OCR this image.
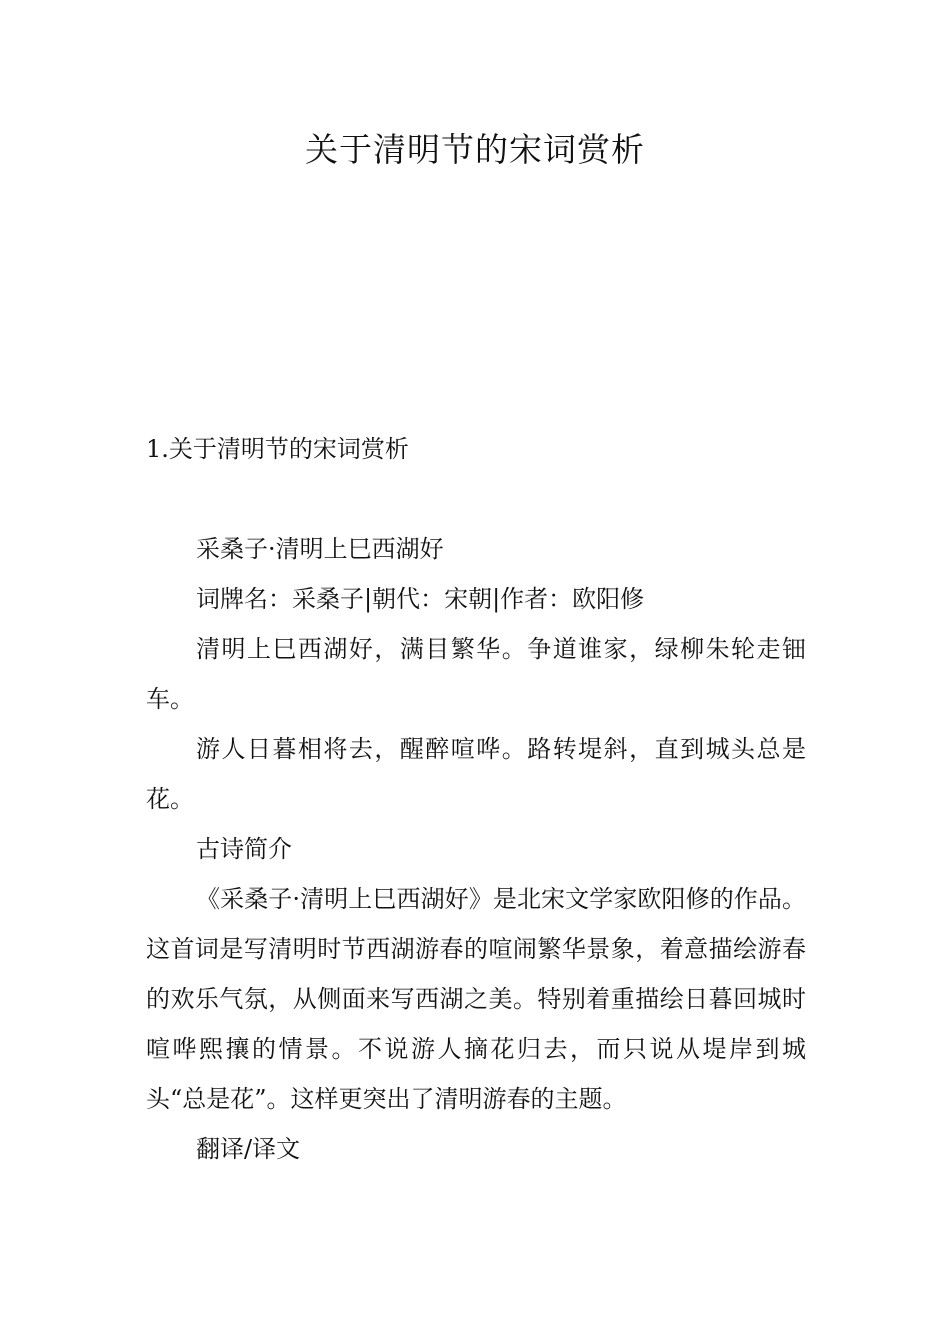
关于清明节的宋词赏析
1.关于清明节的宋词赏析

采桑子·清明上巳西湖好

词牌名：采桑子|朝代：宋朝|作者：欧阳修

清明上巳西湖好，满目繁华。争道谁家，绿柳朱轮走钿车。

游人日暮相将去，醒醉喧哗。路转堤斜，直到城头总是花。

古诗简介

《采桑子·清明上巳西湖好》是北宋文学家欧阳修的作品。这首词是写清明时节西湖游春的喧闹繁华景象，着意描绘游春的欢乐气氛，从侧面来写西湖之美。特别着重描绘日暮回城时喧哗熙攘的情景。不说游人摘花归去，而只说从堤岸到城头“总是花”。这样更突出了清明游春的主题。

翻译/译文
